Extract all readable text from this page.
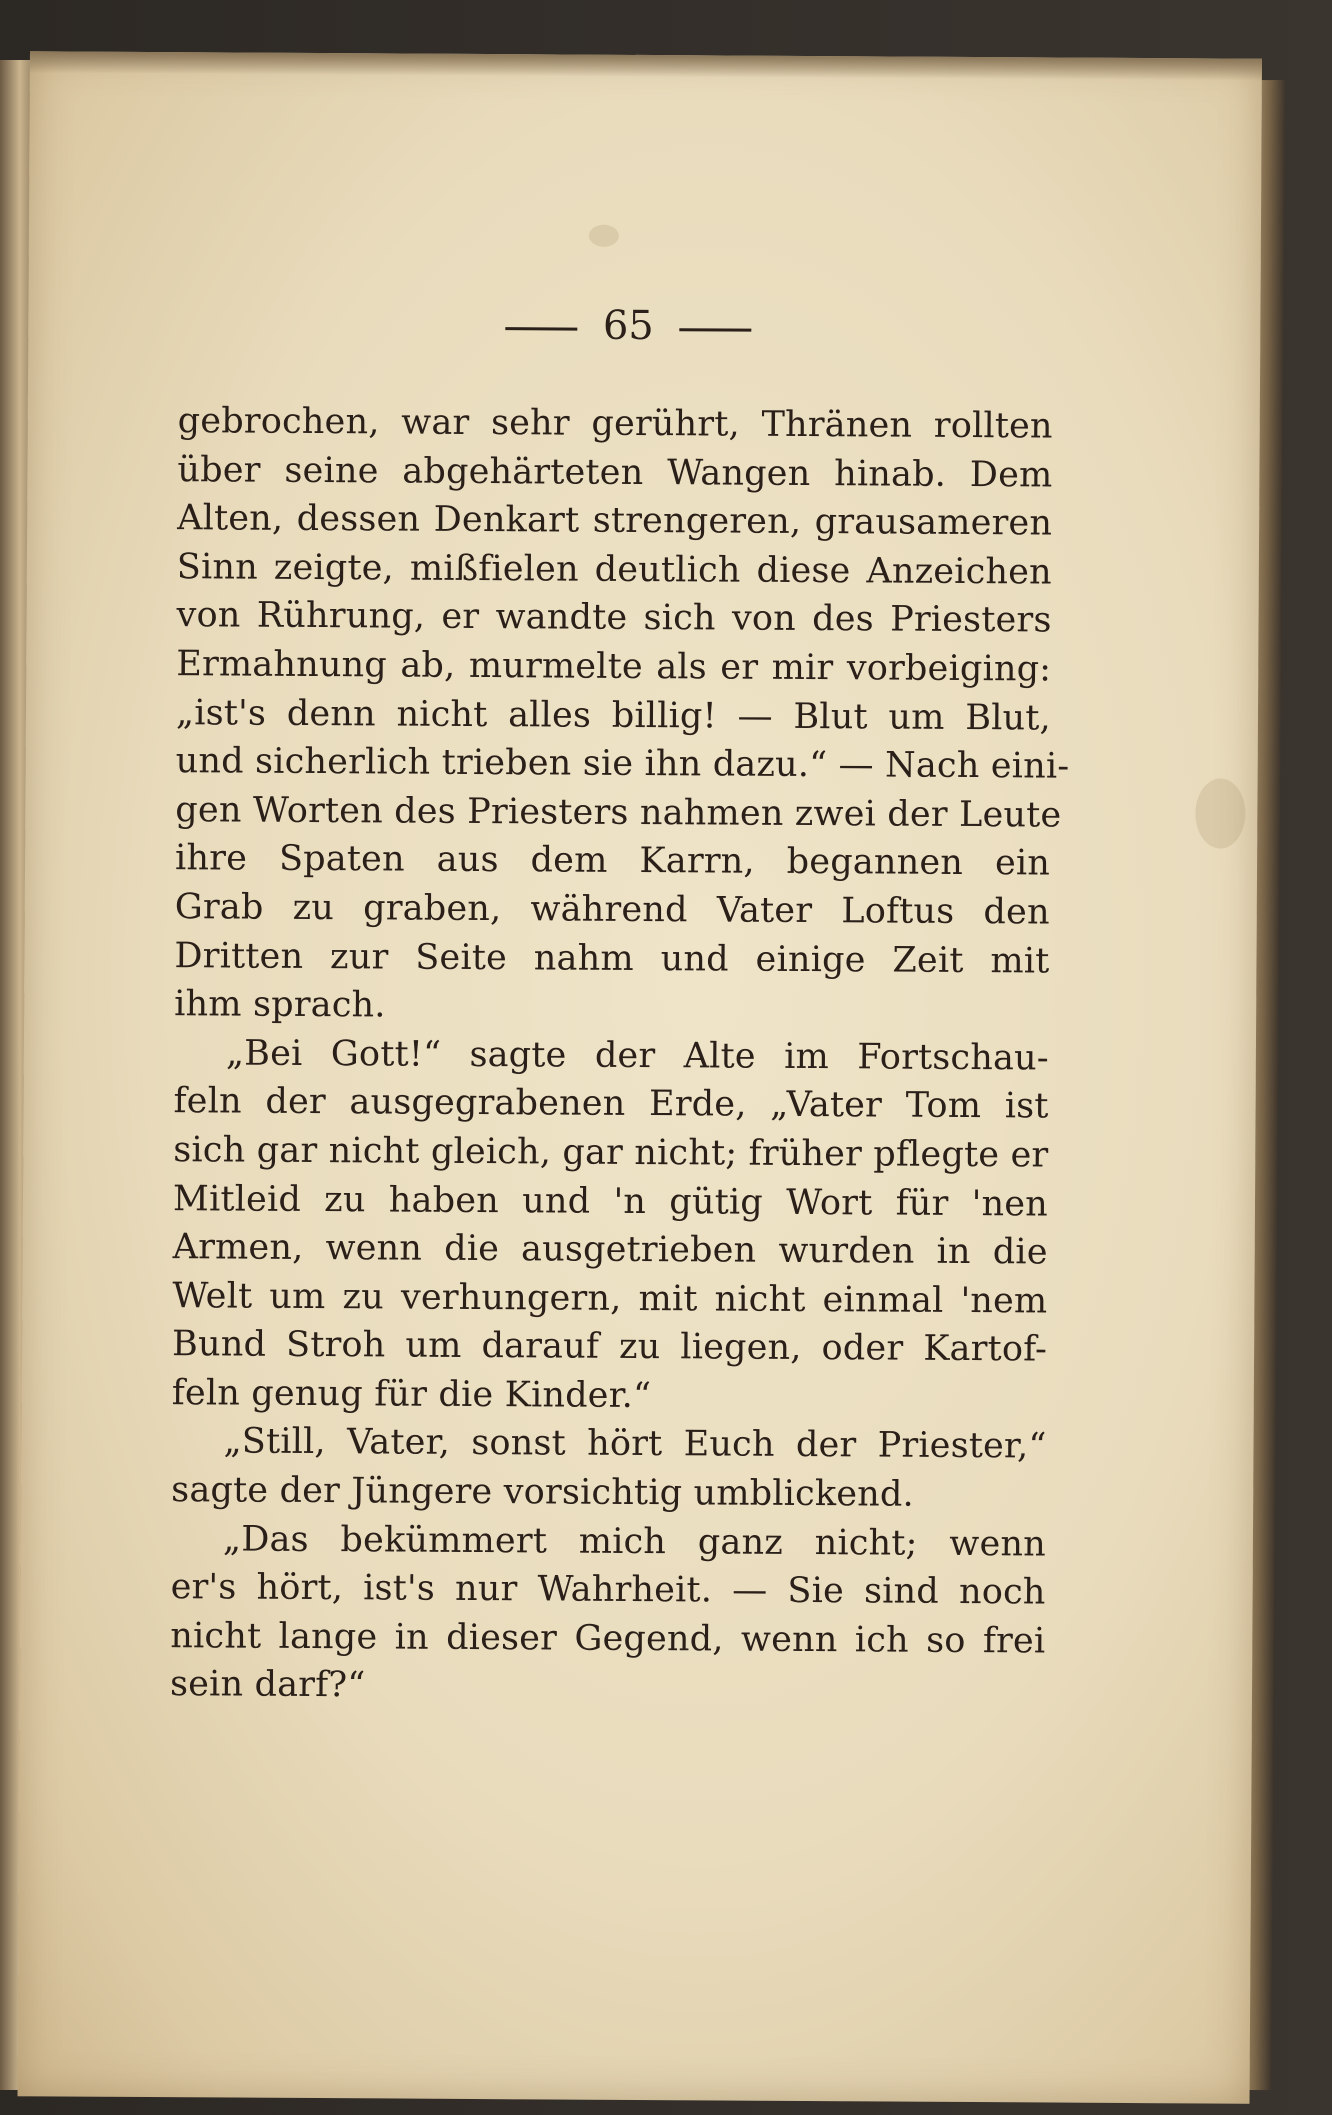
65
gebrochen, war sehr gerührt, Thränen rollten
über seine abgehärteten Wangen hinab. Dem
Alten, dessen Denkart strengeren, grausameren
Sinn zeigte, mißfielen deutlich diese Anzeichen
von Rührung, er wandte sich von des Priesters
Ermahnung ab, murmelte als er mir vorbeiging:
„ist's denn nicht alles billig! — Blut um Blut,
und sicherlich trieben sie ihn dazu.“ — Nach eini-
gen Worten des Priesters nahmen zwei der Leute
ihre Spaten aus dem Karrn, begannen ein
Grab zu graben, während Vater Loftus den
Dritten zur Seite nahm und einige Zeit mit
ihm sprach.
„Bei Gott!“ sagte der Alte im Fortschau-
feln der ausgegrabenen Erde, „Vater Tom ist
sich gar nicht gleich, gar nicht; früher pflegte er
Mitleid zu haben und 'n gütig Wort für 'nen
Armen, wenn die ausgetrieben wurden in die
Welt um zu verhungern, mit nicht einmal 'nem
Bund Stroh um darauf zu liegen, oder Kartof-
feln genug für die Kinder.“
„Still, Vater, sonst hört Euch der Priester,“
sagte der Jüngere vorsichtig umblickend.
„Das bekümmert mich ganz nicht; wenn
er's hört, ist's nur Wahrheit. — Sie sind noch
nicht lange in dieser Gegend, wenn ich so frei
sein darf?“
